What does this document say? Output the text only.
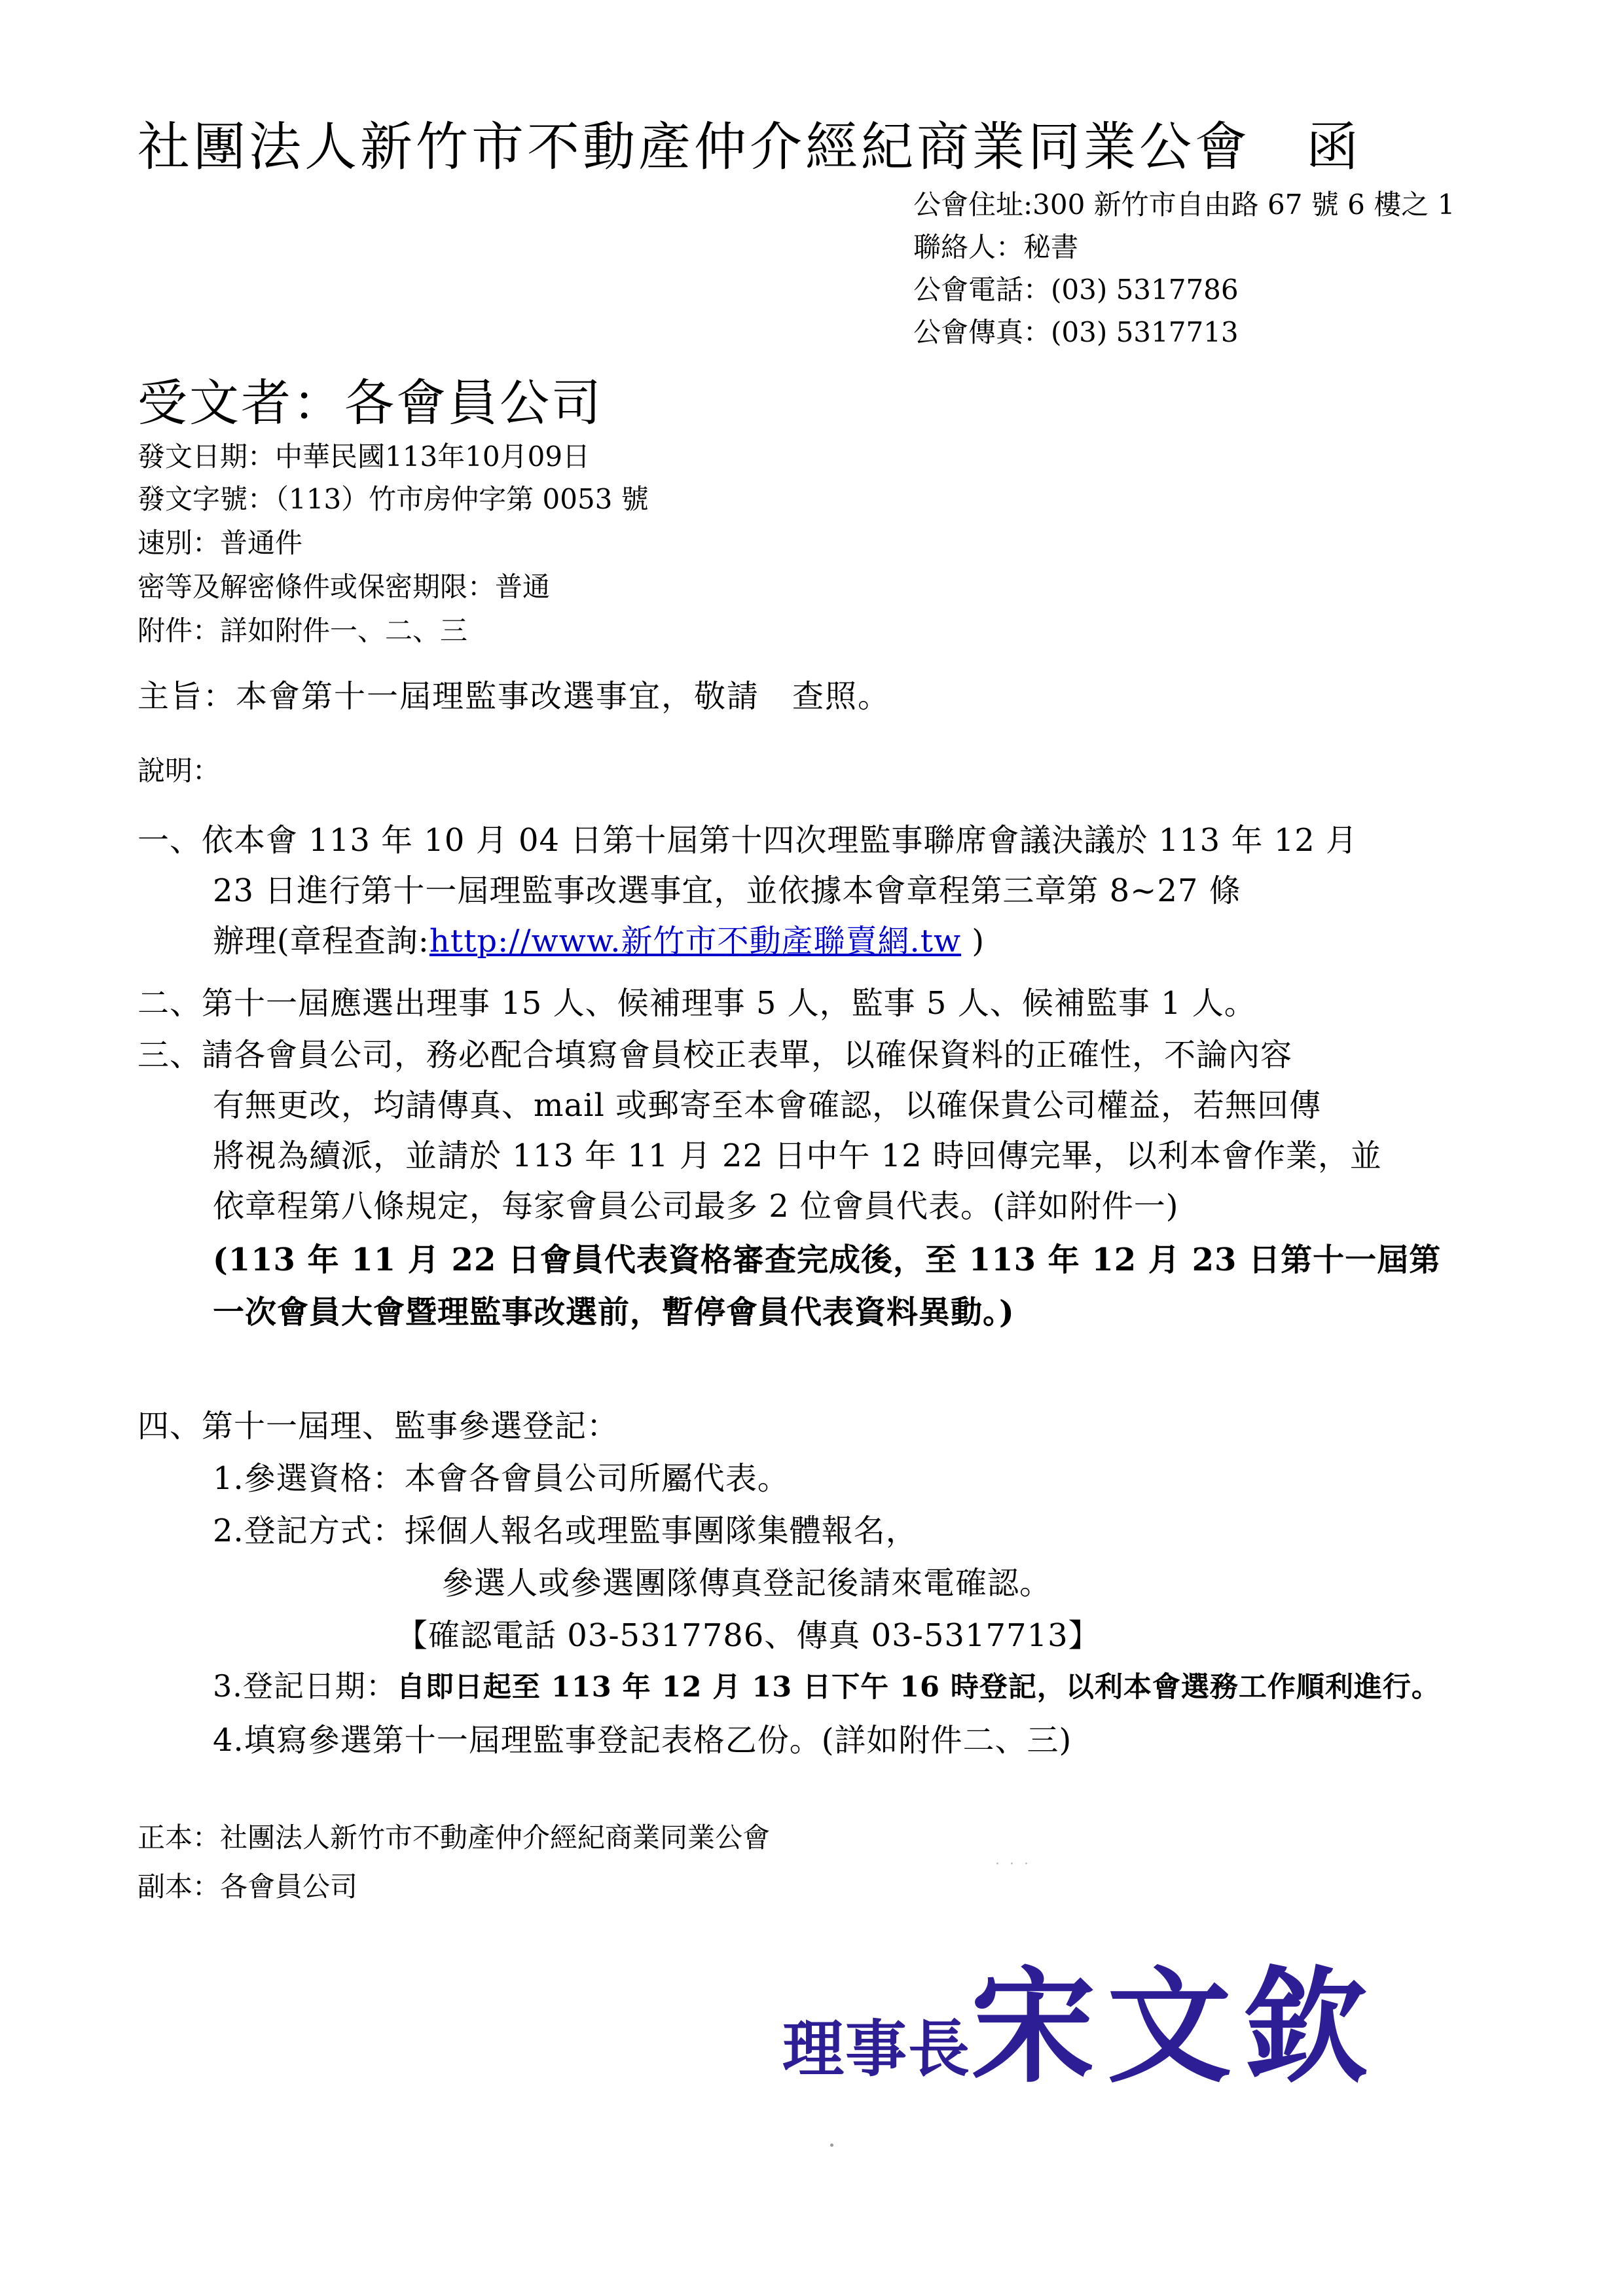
社團法人新竹市不動產仲介經紀商業同業公會　函
公會住址:300 新竹市自由路 67 號 6 樓之 1
聯絡人：秘書
公會電話：(03) 5317786
公會傳真：(03) 5317713
受文者：各會員公司
發文日期：中華民國113年10月09日
發文字號：（113）竹市房仲字第 0053 號
速別：普通件
密等及解密條件或保密期限：普通
附件：詳如附件一、二、三
主旨：本會第十一屆理監事改選事宜，敬請　查照。
說明：
一、依本會 113 年 10 月 04 日第十屆第十四次理監事聯席會議決議於 113 年 12 月
23 日進行第十一屆理監事改選事宜，並依據本會章程第三章第 8~27 條
辦理(章程查詢:http://www.新竹市不動產聯賣網.tw )
二、第十一屆應選出理事 15 人、候補理事 5 人，監事 5 人、候補監事 1 人。
三、請各會員公司，務必配合填寫會員校正表單，以確保資料的正確性，不論內容
有無更改，均請傳真、mail 或郵寄至本會確認，以確保貴公司權益，若無回傳
將視為續派，並請於 113 年 11 月 22 日中午 12 時回傳完畢，以利本會作業，並
依章程第八條規定，每家會員公司最多 2 位會員代表。(詳如附件一)
(113 年 11 月 22 日會員代表資格審查完成後，至 113 年 12 月 23 日第十一屆第
一次會員大會暨理監事改選前，暫停會員代表資料異動。)
四、第十一屆理、監事參選登記：
1.參選資格：本會各會員公司所屬代表。
2.登記方式：採個人報名或理監事團隊集體報名，
參選人或參選團隊傳真登記後請來電確認。
【確認電話 03-5317786、傳真 03-5317713】
3.登記日期：自即日起至 113 年 12 月 13 日下午 16 時登記，以利本會選務工作順利進行。
4.填寫參選第十一屆理監事登記表格乙份。(詳如附件二、三)
正本：社團法人新竹市不動產仲介經紀商業同業公會
副本：各會員公司
· · ·
理事長宋文欽
